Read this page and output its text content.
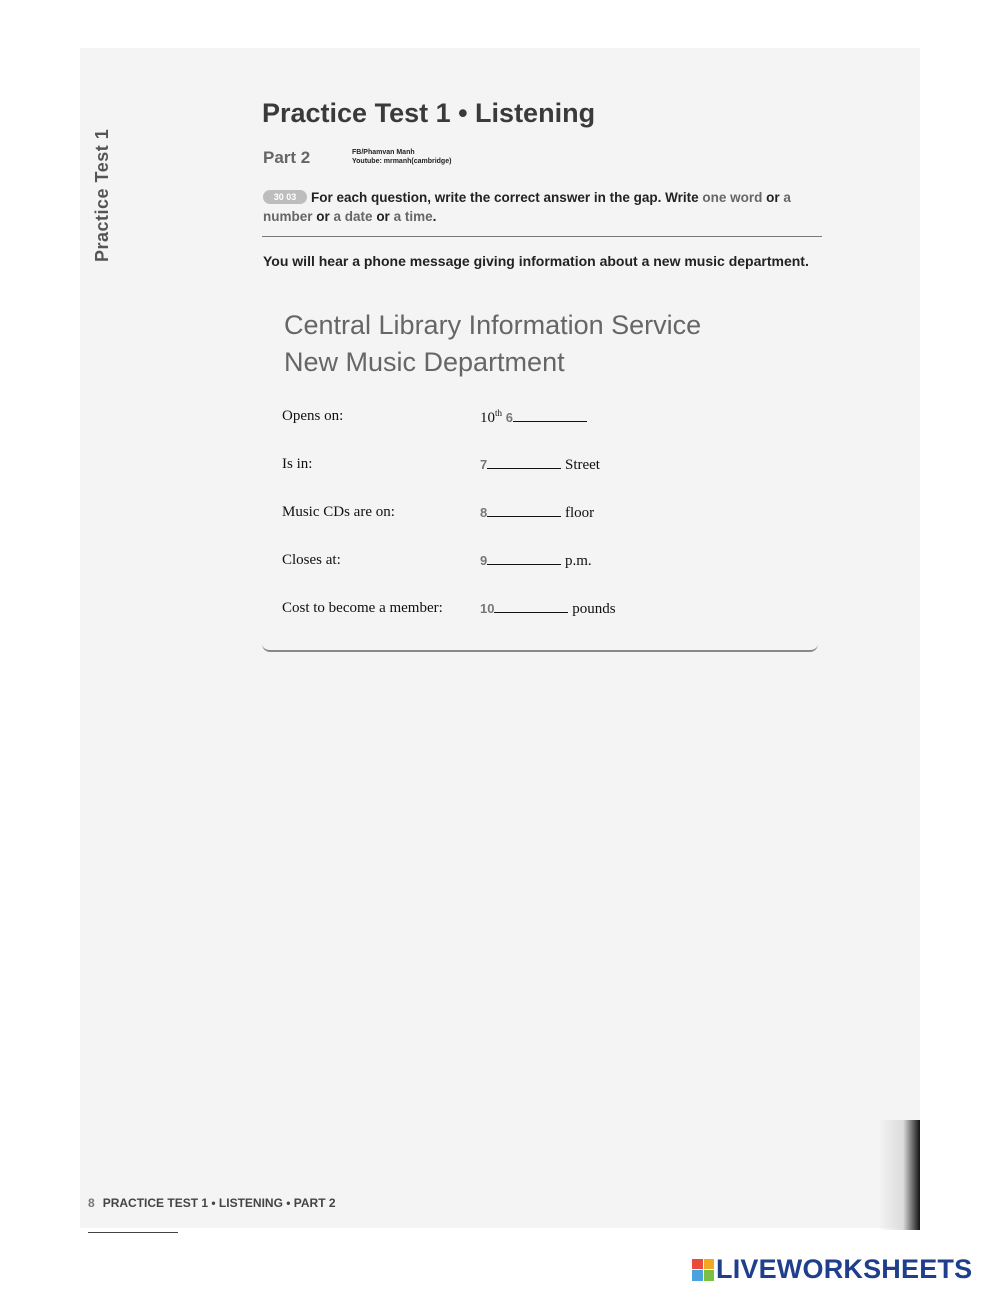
Practice Test 1
Practice Test 1 • Listening
Part 2	FB/Phamvan Manh
Youtube: mrmanh(cambridge)
For each question, write the correct answer in the gap. Write one word or a number or a date or a time.
30 03
You will hear a phone message giving information about a new music department.
Central Library Information Service
New Music Department
Opens on:	10th 6
Is in:	7	Street
Music CDs are on:	8	floor
Closes at:	9	p.m.
Cost to become a member:	10	pounds
8 PRACTICE TEST 1 • LISTENING • PART 2
LIVEWORKSHEETS
